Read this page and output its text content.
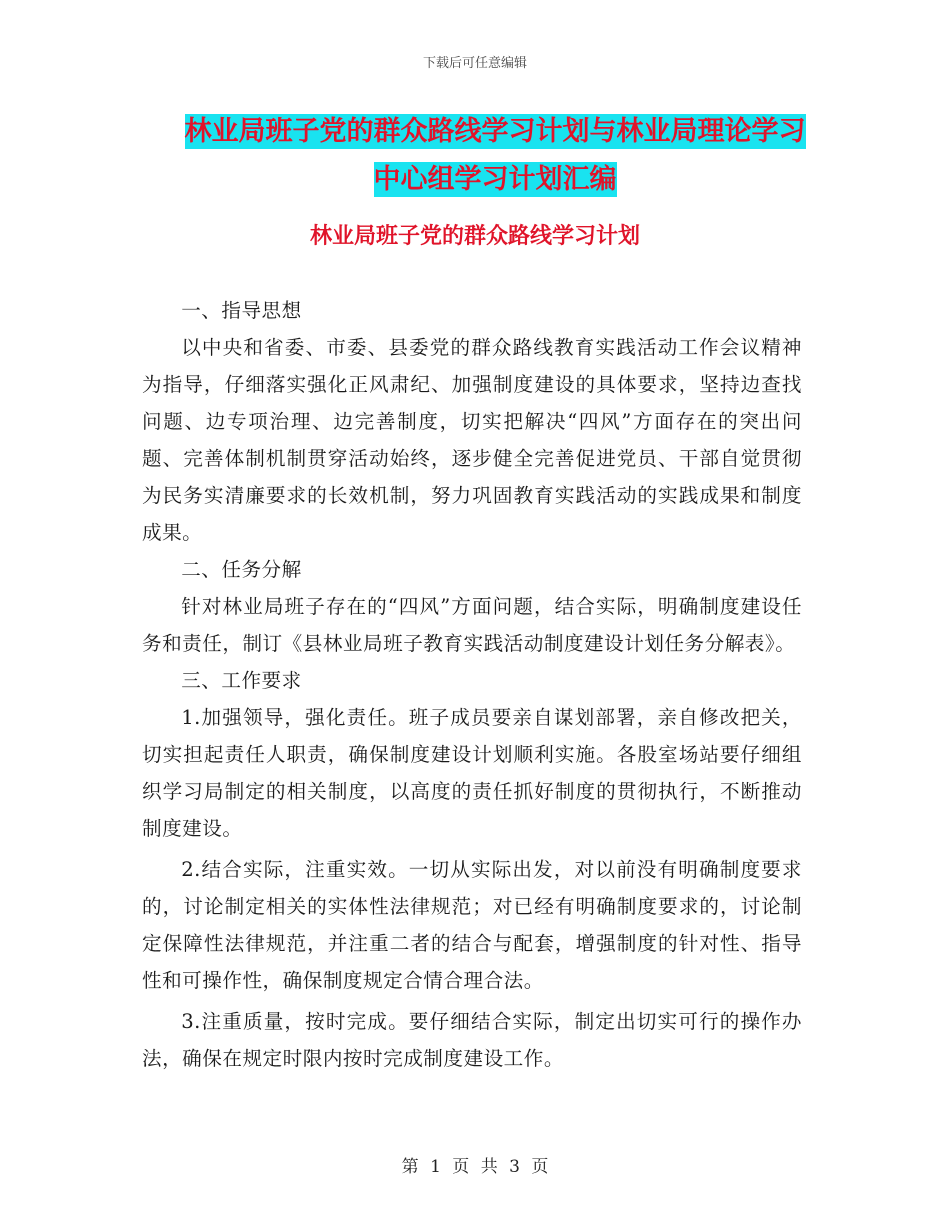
下载后可任意编辑
林业局班子党的群众路线学习计划与林业局理论学习
中心组学习计划汇编
林业局班子党的群众路线学习计划

一、指导思想

以中央和省委、市委、县委党的群众路线教育实践活动工作会议精神为指导，仔细落实强化正风肃纪、加强制度建设的具体要求，坚持边查找问题、边专项治理、边完善制度，切实把解决“四风”方面存在的突出问题、完善体制机制贯穿活动始终，逐步健全完善促进党员、干部自觉贯彻为民务实清廉要求的长效机制，努力巩固教育实践活动的实践成果和制度成果。

二、任务分解

针对林业局班子存在的“四风”方面问题，结合实际，明确制度建设任务和责任，制订《县林业局班子教育实践活动制度建设计划任务分解表》。

三、工作要求

1.加强领导，强化责任。班子成员要亲自谋划部署，亲自修改把关，切实担起责任人职责，确保制度建设计划顺利实施。各股室场站要仔细组织学习局制定的相关制度，以高度的责任抓好制度的贯彻执行，不断推动制度建设。

2.结合实际，注重实效。一切从实际出发，对以前没有明确制度要求的，讨论制定相关的实体性法律规范；对已经有明确制度要求的，讨论制定保障性法律规范，并注重二者的结合与配套，增强制度的针对性、指导性和可操作性，确保制度规定合情合理合法。

3.注重质量，按时完成。要仔细结合实际，制定出切实可行的操作办法，确保在规定时限内按时完成制度建设工作。

第 1 页 共 3 页
